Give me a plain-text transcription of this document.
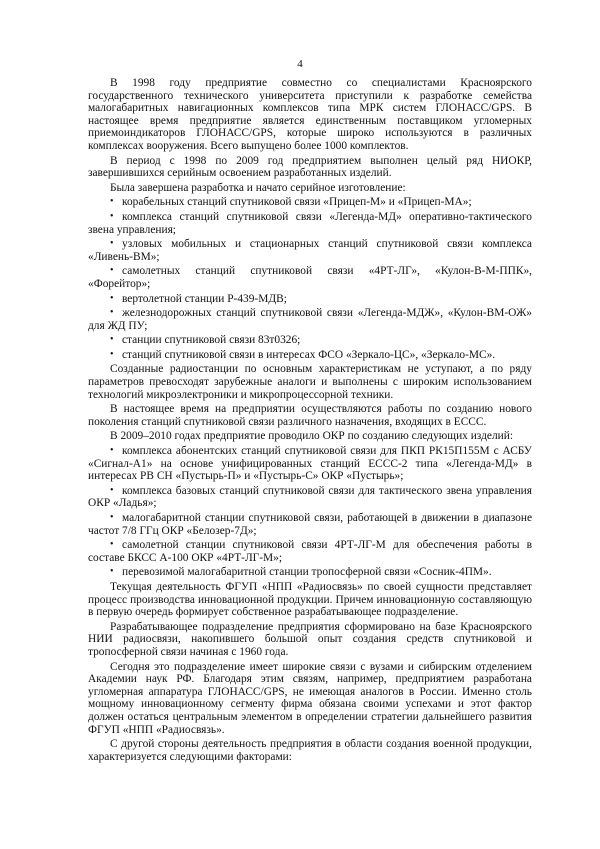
4

В 1998 году предприятие совместно со специалистами Красноярского государственного технического университета приступили к разработке семейства малогабаритных навигационных комплексов типа МРК систем ГЛОНАСС/GPS. В настоящее время предприятие является единственным поставщиком угломерных приемоиндикаторов ГЛОНАСС/GPS, которые широко используются в различных комплексах вооружения. Всего выпущено более 1000 комплектов.

В период с 1998 по 2009 год предприятием выполнен целый ряд НИОКР, завершившихся серийным освоением разработанных изделий.

Была завершена разработка и начато серийное изготовление:

• корабельных станций спутниковой связи «Прицеп-М» и «Прицеп-МА»;
• комплекса станций спутниковой связи «Легенда-МД» оперативно-тактического звена управления;
• узловых мобильных и стационарных станций спутниковой связи комплекса «Ливень-ВМ»;
• самолетных станций спутниковой связи «4РТ-ЛГ», «Кулон-В-М-ППК», «Форейтор»;
• вертолетной станции Р-439-МДВ;
• железнодорожных станций спутниковой связи «Легенда-МДЖ», «Кулон-ВМ-ОЖ» для ЖД ПУ;
• станции спутниковой связи 83т0326;
• станций спутниковой связи в интересах ФСО «Зеркало-ЦС», «Зеркало-МС».

Созданные радиостанции по основным характеристикам не уступают, а по ряду параметров превосходят зарубежные аналоги и выполнены с широким использованием технологий микроэлектроники и микропроцессорной техники.

В настоящее время на предприятии осуществляются работы по созданию нового поколения станций спутниковой связи различного назначения, входящих в ЕССС.

В 2009–2010 годах предприятие проводило ОКР по созданию следующих изделий:

• комплекса абонентских станций спутниковой связи для ПКП РК15П155М с АСБУ «Сигнал-А1» на основе унифицированных станций ЕССС-2 типа «Легенда-МД» в интересах РВ СН «Пустырь-П» и «Пустырь-С» ОКР «Пустырь»;
• комплекса базовых станций спутниковой связи для тактического звена управления ОКР «Ладья»;
• малогабаритной станции спутниковой связи, работающей в движении в диапазоне частот 7/8 ГГц ОКР «Белозер-7Д»;
• самолетной станции спутниковой связи 4РТ-ЛГ-М для обеспечения работы в составе БКСС А-100 ОКР «4РТ-ЛГ-М»;
• перевозимой малогабаритной станции тропосферной связи «Сосник-4ПМ».

Текущая деятельность ФГУП «НПП «Радиосвязь» по своей сущности представляет процесс производства инновационной продукции. Причем инновационную составляющую в первую очередь формирует собственное разрабатывающее подразделение.

Разрабатывающее подразделение предприятия сформировано на базе Красноярского НИИ радиосвязи, накопившего большой опыт создания средств спутниковой и тропосферной связи начиная с 1960 года.

Сегодня это подразделение имеет широкие связи с вузами и сибирским отделением Академии наук РФ. Благодаря этим связям, например, предприятием разработана угломерная аппаратура ГЛОНАСС/GPS, не имеющая аналогов в России. Именно столь мощному инновационному сегменту фирма обязана своими успехами и этот фактор должен остаться центральным элементом в определении стратегии дальнейшего развития ФГУП «НПП «Радиосвязь».

С другой стороны деятельность предприятия в области создания военной продукции, характеризуется следующими факторами:
